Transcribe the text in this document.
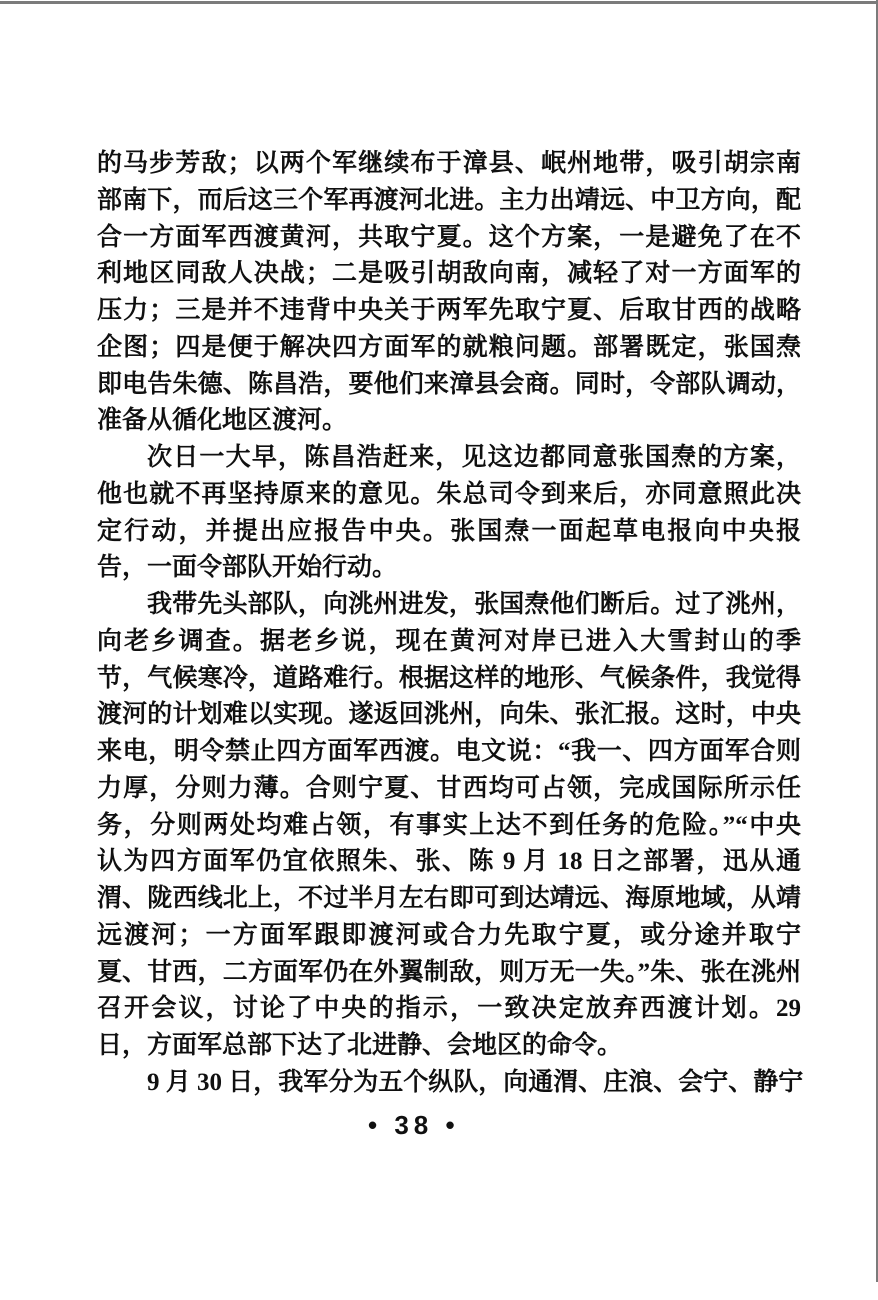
的马步芳敌；以两个军继续布于漳县、岷州地带，吸引胡宗南
部南下，而后这三个军再渡河北进。主力出靖远、中卫方向，配
合一方面军西渡黄河，共取宁夏。这个方案，一是避免了在不
利地区同敌人决战；二是吸引胡敌向南，减轻了对一方面军的
压力；三是并不违背中央关于两军先取宁夏、后取甘西的战略
企图；四是便于解决四方面军的就粮问题。部署既定，张国焘
即电告朱德、陈昌浩，要他们来漳县会商。同时，令部队调动，
准备从循化地区渡河。
次日一大早，陈昌浩赶来，见这边都同意张国焘的方案，
他也就不再坚持原来的意见。朱总司令到来后，亦同意照此决
定行动，并提出应报告中央。张国焘一面起草电报向中央报
告，一面令部队开始行动。
我带先头部队，向洮州进发，张国焘他们断后。过了洮州，
向老乡调查。据老乡说，现在黄河对岸已进入大雪封山的季
节，气候寒冷，道路难行。根据这样的地形、气候条件，我觉得
渡河的计划难以实现。遂返回洮州，向朱、张汇报。这时，中央
来电，明令禁止四方面军西渡。电文说：“我一、四方面军合则
力厚，分则力薄。合则宁夏、甘西均可占领，完成国际所示任
务，分则两处均难占领，有事实上达不到任务的危险。”“中央
认为四方面军仍宜依照朱、张、陈 9 月 18 日之部署，迅从通
渭、陇西线北上，不过半月左右即可到达靖远、海原地域，从靖
远渡河；一方面军跟即渡河或合力先取宁夏，或分途并取宁
夏、甘西，二方面军仍在外翼制敌，则万无一失。”朱、张在洮州
召开会议，讨论了中央的指示，一致决定放弃西渡计划。29
日，方面军总部下达了北进静、会地区的命令。
9 月 30 日，我军分为五个纵队，向通渭、庄浪、会宁、静宁
• 38 •
